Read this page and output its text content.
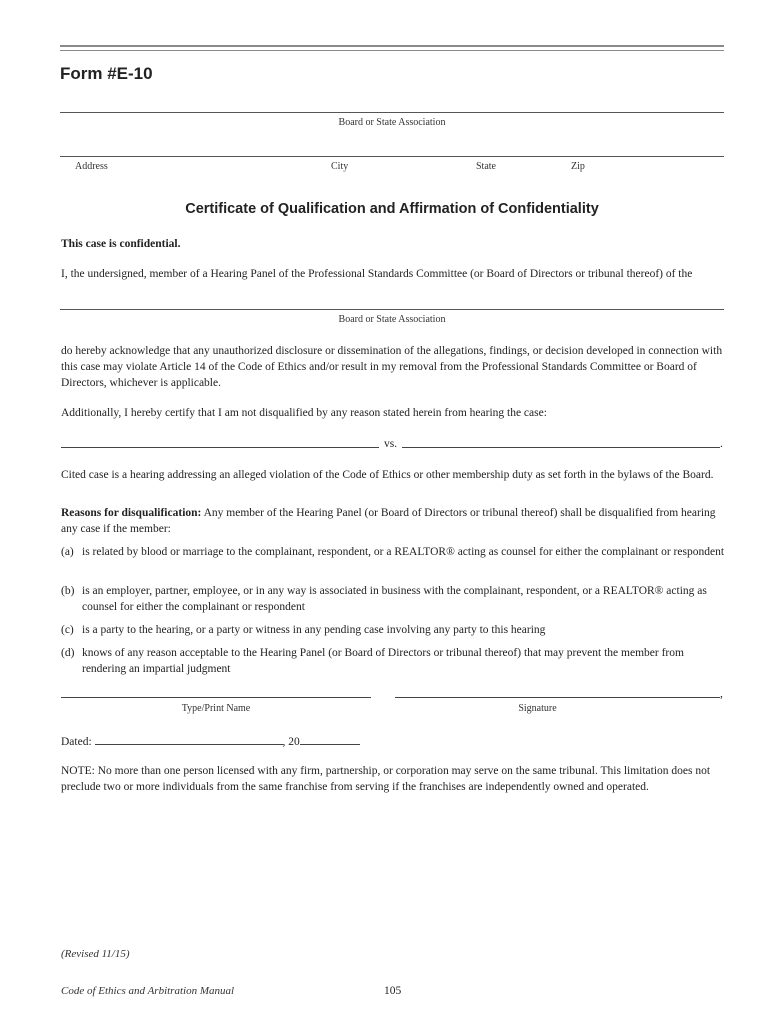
Form #E-10
Board or State Association
Address	City	State	Zip
Certificate of Qualification and Affirmation of Confidentiality
This case is confidential.
I, the undersigned, member of a Hearing Panel of the Professional Standards Committee (or Board of Directors or tribunal thereof) of the
Board or State Association
do hereby acknowledge that any unauthorized disclosure or dissemination of the allegations, findings, or decision developed in connection with this case may violate Article 14 of the Code of Ethics and/or result in my removal from the Professional Standards Committee or Board of Directors, whichever is applicable.
Additionally, I hereby certify that I am not disqualified by any reason stated herein from hearing the case:
vs.	.
Cited case is a hearing addressing an alleged violation of the Code of Ethics or other membership duty as set forth in the bylaws of the Board.
Reasons for disqualification: Any member of the Hearing Panel (or Board of Directors or tribunal thereof) shall be disqualified from hearing any case if the member:
(a) is related by blood or marriage to the complainant, respondent, or a REALTOR® acting as counsel for either the complainant or respondent
(b) is an employer, partner, employee, or in any way is associated in business with the complainant, respondent, or a REALTOR® acting as counsel for either the complainant or respondent
(c) is a party to the hearing, or a party or witness in any pending case involving any party to this hearing
(d) knows of any reason acceptable to the Hearing Panel (or Board of Directors or tribunal thereof) that may prevent the member from rendering an impartial judgment
Type/Print Name
,
Signature
Dated:	, 20
NOTE: No more than one person licensed with any firm, partnership, or corporation may serve on the same tribunal. This limitation does not preclude two or more individuals from the same franchise from serving if the franchises are independently owned and operated.
(Revised 11/15)
Code of Ethics and Arbitration Manual	105
